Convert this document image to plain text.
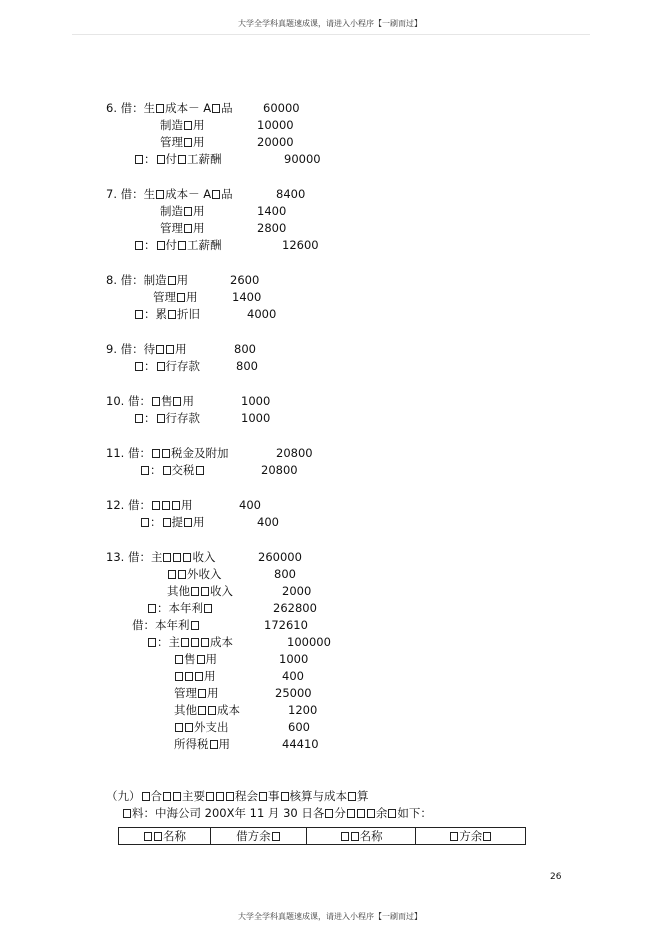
大学全学科真题速成课，请进入小程序【一刷而过】
6. 借：生 成本－ A 品	60000
制造 用	10000
管理 用	20000
： 付 工薪酬	90000
7. 借：生 成本－ A 品	8400
制造 用	1400
管理 用	2800
： 付 工薪酬	12600
8. 借：制造 用	2600
管理 用	1400
：累 折旧	4000
9. 借：待 用	800
： 行存款	800
10. 借： 售 用	1000
： 行存款	1000
11. 借： 税金及附加	20800
： 交税	20800
12. 借：	用	400
： 提 用	400
13. 借：主	收入	260000
外收入	800
其他 收入	2000
：本年利	262800
借：本年利	172610
：主	成本	100000
售 用	1000
用	400
管理 用	25000
其他 成本	1200
外支出	600
所得税 用	44410
（九） 合 主要	程会 事 核算与成本 算
料：中海公司 200X年 11 月 30 日各 分	余 如下：
名称	借方余	名称	方余
26
大学全学科真题速成课，请进入小程序【一刷而过】
